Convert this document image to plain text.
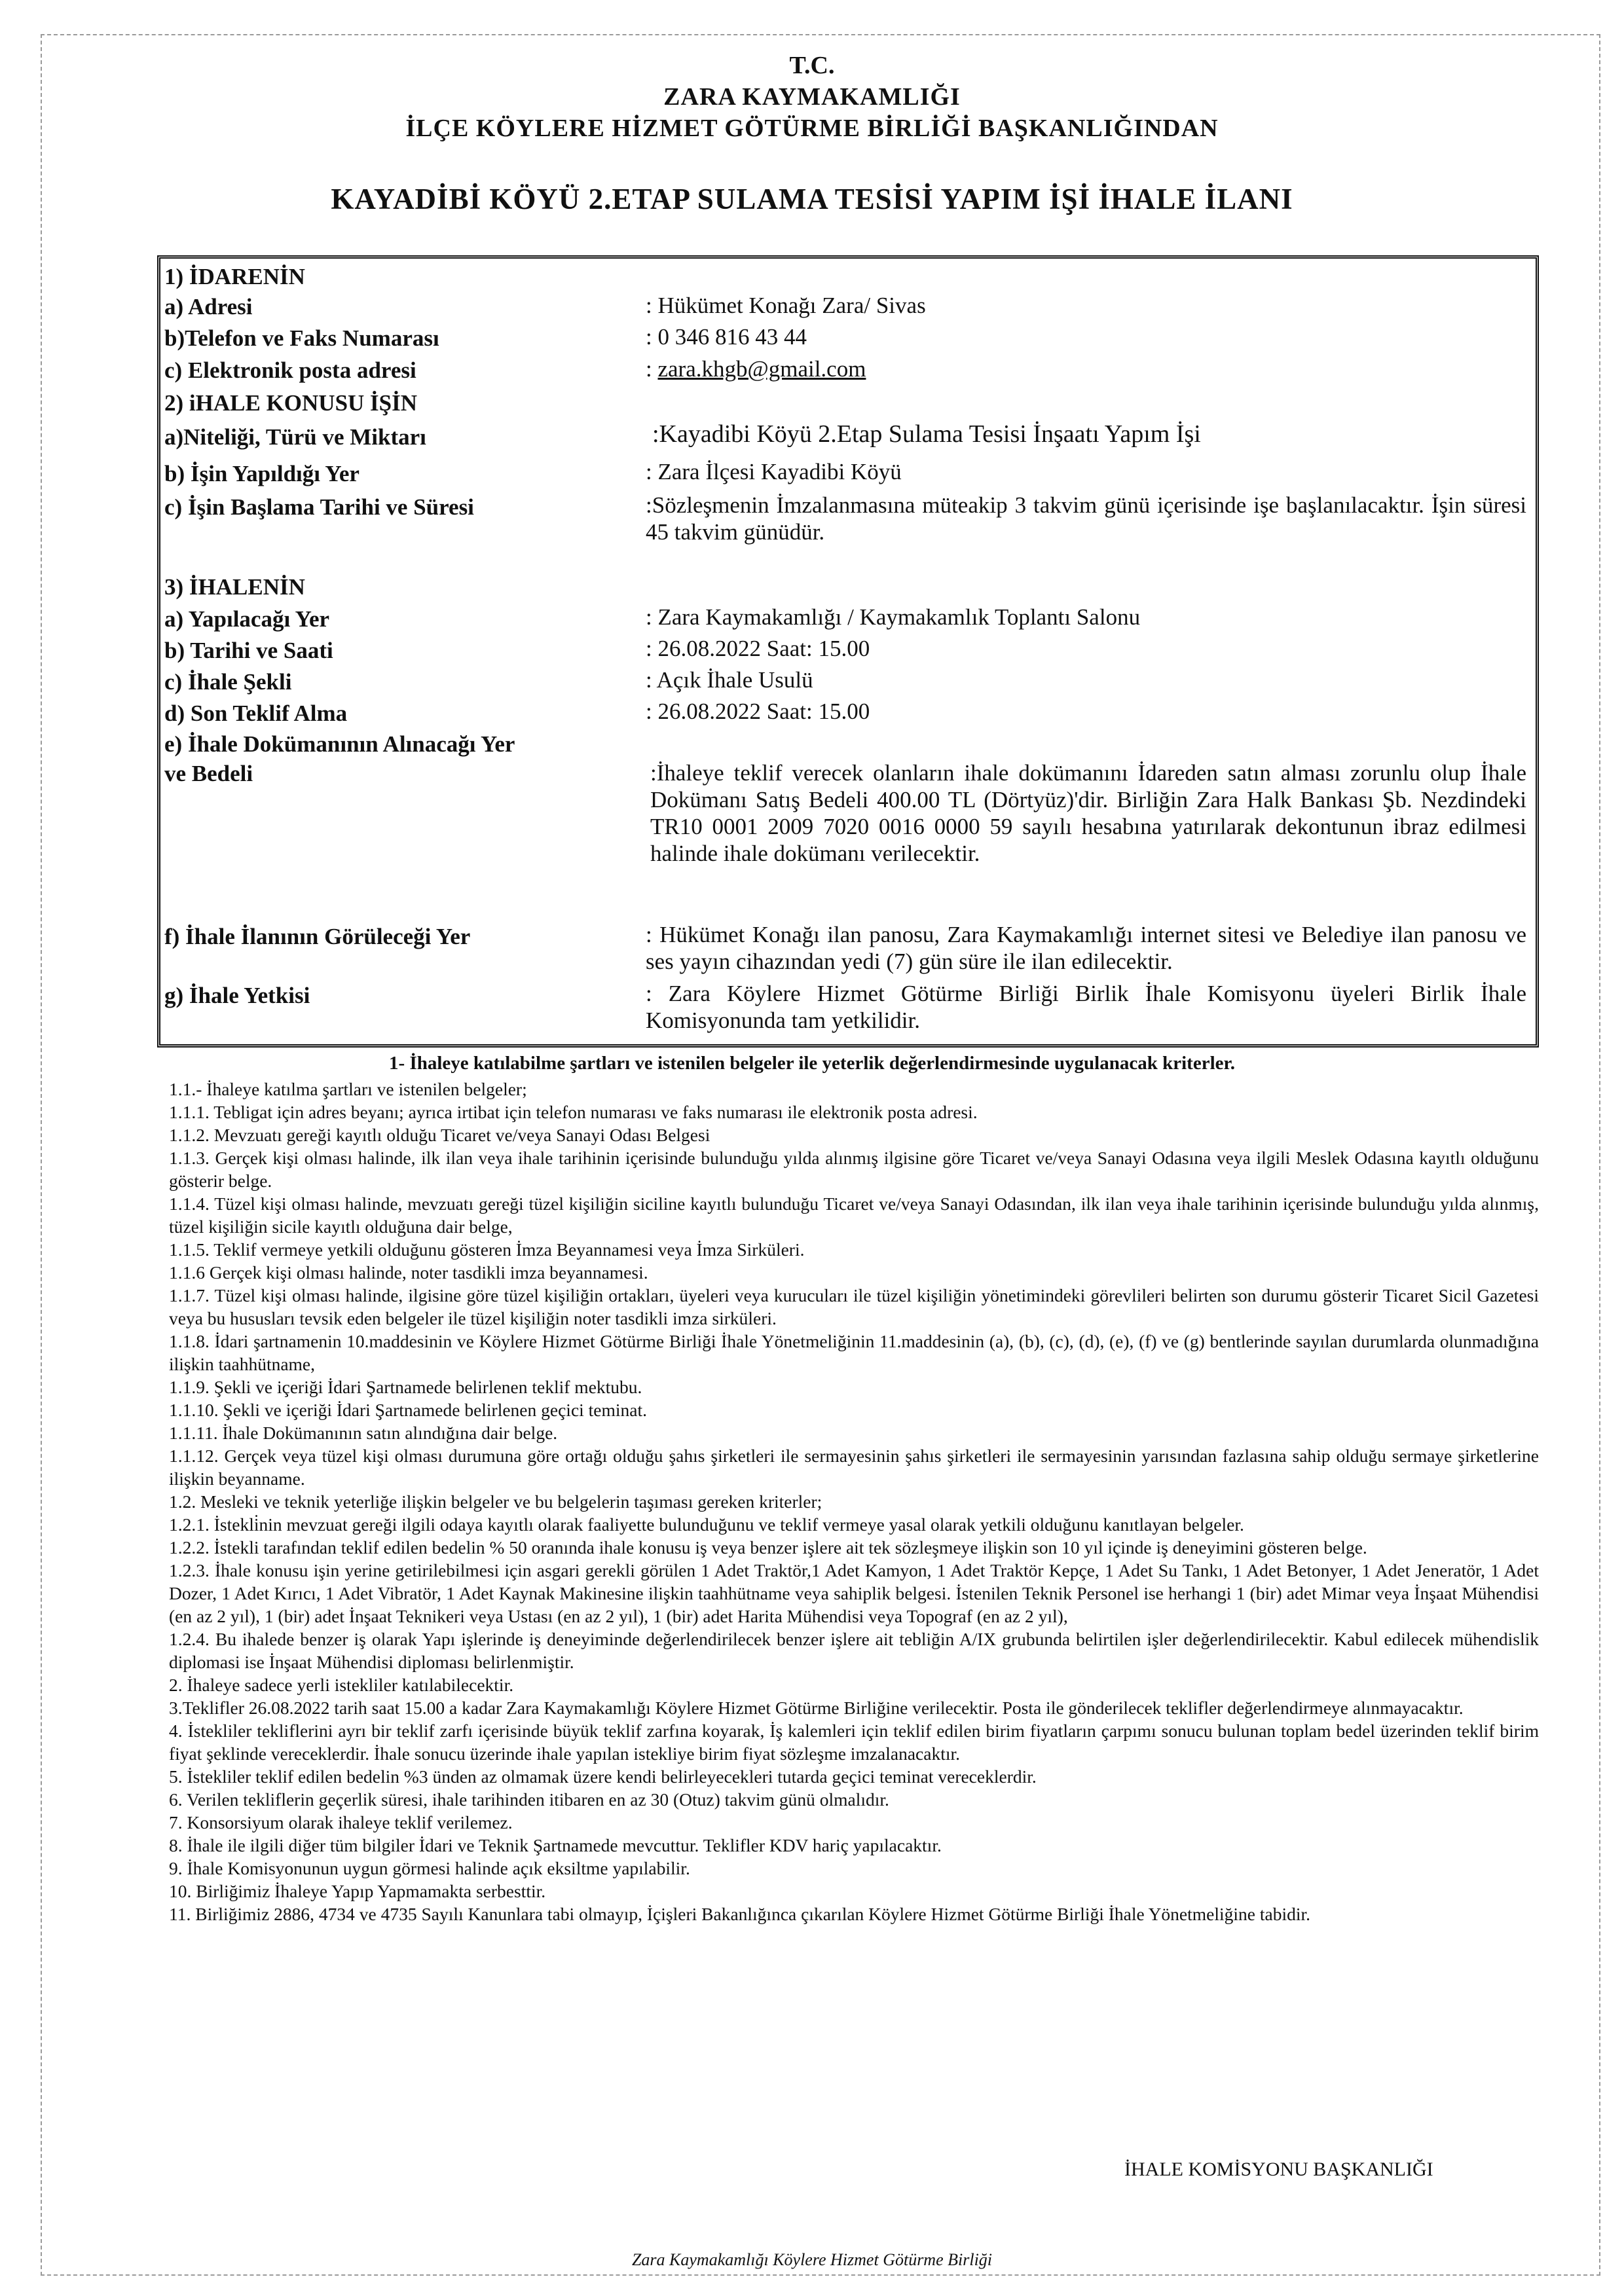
T.C.
ZARA KAYMAKAMLIĞI
İLÇE KÖYLERE HİZMET GÖTÜRME BİRLİĞİ BAŞKANLIĞINDAN
KAYADİBİ KÖYÜ 2.ETAP SULAMA TESİSİ YAPIM İŞİ İHALE İLANI
1) İDARENİN
a) Adresi	: Hükümet Konağı Zara/ Sivas
b)Telefon ve Faks Numarası	: 0 346 816 43 44
c) Elektronik posta adresi	: zara.khgb@gmail.com
2) iHALE KONUSU İŞİN
a)Niteliği, Türü ve Miktarı	:Kayadibi Köyü 2.Etap Sulama Tesisi İnşaatı Yapım İşi
b) İşin Yapıldığı Yer	: Zara İlçesi Kayadibi Köyü
c) İşin Başlama Tarihi ve Süresi	:Sözleşmenin İmzalanmasına müteakip 3 takvim günü içerisinde işe başlanılacaktır. İşin süresi 45 takvim günüdür.
3) İHALENİN
a) Yapılacağı Yer	: Zara Kaymakamlığı / Kaymakamlık Toplantı Salonu
b) Tarihi ve Saati	: 26.08.2022 Saat: 15.00
c) İhale Şekli	: Açık İhale Usulü
d) Son Teklif Alma	: 26.08.2022 Saat: 15.00
e) İhale Dokümanının Alınacağı Yer
ve Bedeli	:İhaleye teklif verecek olanların ihale dokümanını İdareden satın alması zorunlu olup İhale Dokümanı Satış Bedeli 400.00 TL (Dörtyüz)'dir. Birliğin Zara Halk Bankası Şb. Nezdindeki TR10 0001 2009 7020 0016 0000 59 sayılı hesabına yatırılarak dekontunun ibraz edilmesi halinde ihale dokümanı verilecektir.
f) İhale İlanının Görüleceği Yer	: Hükümet Konağı ilan panosu, Zara Kaymakamlığı internet sitesi ve Belediye ilan panosu ve ses yayın cihazından yedi (7) gün süre ile ilan edilecektir.
g) İhale Yetkisi	: Zara Köylere Hizmet Götürme Birliği Birlik İhale Komisyonu üyeleri Birlik İhale Komisyonunda tam yetkilidir.
1- İhaleye katılabilme şartları ve istenilen belgeler ile yeterlik değerlendirmesinde uygulanacak kriterler.

1.1.- İhaleye katılma şartları ve istenilen belgeler;

1.1.1. Tebligat için adres beyanı; ayrıca irtibat için telefon numarası ve faks numarası ile elektronik posta adresi.

1.1.2. Mevzuatı gereği kayıtlı olduğu Ticaret ve/veya Sanayi Odası Belgesi

1.1.3. Gerçek kişi olması halinde, ilk ilan veya ihale tarihinin içerisinde bulunduğu yılda alınmış ilgisine göre Ticaret ve/veya Sanayi Odasına veya ilgili Meslek Odasına kayıtlı olduğunu gösterir belge.

1.1.4. Tüzel kişi olması halinde, mevzuatı gereği tüzel kişiliğin siciline kayıtlı bulunduğu Ticaret ve/veya Sanayi Odasından, ilk ilan veya ihale tarihinin içerisinde bulunduğu yılda alınmış, tüzel kişiliğin sicile kayıtlı olduğuna dair belge,

1.1.5. Teklif vermeye yetkili olduğunu gösteren İmza Beyannamesi veya İmza Sirküleri.

1.1.6 Gerçek kişi olması halinde, noter tasdikli imza beyannamesi.

1.1.7. Tüzel kişi olması halinde, ilgisine göre tüzel kişiliğin ortakları, üyeleri veya kurucuları ile tüzel kişiliğin yönetimindeki görevlileri belirten son durumu gösterir Ticaret Sicil Gazetesi veya bu hususları tevsik eden belgeler ile tüzel kişiliğin noter tasdikli imza sirküleri.

1.1.8. İdari şartnamenin 10.maddesinin ve Köylere Hizmet Götürme Birliği İhale Yönetmeliğinin 11.maddesinin (a), (b), (c), (d), (e), (f) ve (g) bentlerinde sayılan durumlarda olunmadığına ilişkin taahhütname,

1.1.9. Şekli ve içeriği İdari Şartnamede belirlenen teklif mektubu.

1.1.10. Şekli ve içeriği İdari Şartnamede belirlenen geçici teminat.

1.1.11. İhale Dokümanının satın alındığına dair belge.

1.1.12. Gerçek veya tüzel kişi olması durumuna göre ortağı olduğu şahıs şirketleri ile sermayesinin şahıs şirketleri ile sermayesinin yarısından fazlasına sahip olduğu sermaye şirketlerine ilişkin beyanname.

1.2. Mesleki ve teknik yeterliğe ilişkin belgeler ve bu belgelerin taşıması gereken kriterler;

1.2.1. İstekli̇nin mevzuat gereği ilgili odaya kayıtlı olarak faaliyette bulunduğunu ve teklif vermeye yasal olarak yetkili olduğunu kanıtlayan belgeler.

1.2.2. İstekli tarafından teklif edilen bedelin % 50 oranında ihale konusu iş veya benzer işlere ait tek sözleşmeye ilişkin son 10 yıl içinde iş deneyimini gösteren belge.

1.2.3. İhale konusu işin yerine getirilebilmesi için asgari gerekli görülen 1 Adet Traktör,1 Adet Kamyon, 1 Adet Traktör Kepçe, 1 Adet Su Tankı, 1 Adet Betonyer, 1 Adet Jeneratör, 1 Adet Dozer, 1 Adet Kırıcı, 1 Adet Vibratör, 1 Adet Kaynak Makinesine ilişkin taahhütname veya sahiplik belgesi. İstenilen Teknik Personel ise herhangi 1 (bir) adet Mimar veya İnşaat Mühendisi (en az 2 yıl), 1 (bir) adet İnşaat Teknikeri veya Ustası (en az 2 yıl), 1 (bir) adet Harita Mühendisi veya Topograf (en az 2 yıl),

1.2.4. Bu ihalede benzer iş olarak Yapı işlerinde iş deneyiminde değerlendirilecek benzer işlere ait tebliğin A/IX grubunda belirtilen işler değerlendirilecektir. Kabul edilecek mühendislik diplomasi ise İnşaat Mühendisi diploması belirlenmiştir.

2. İhaleye sadece yerli istekliler katılabilecektir.

3.Teklifler 26.08.2022 tarih saat 15.00 a kadar Zara Kaymakamlığı Köylere Hizmet Götürme Birliğine verilecektir. Posta ile gönderilecek teklifler değerlendirmeye alınmayacaktır.

4. İstekliler tekliflerini ayrı bir teklif zarfı içerisinde büyük teklif zarfına koyarak, İş kalemleri için teklif edilen birim fiyatların çarpımı sonucu bulunan toplam bedel üzerinden teklif birim fiyat şeklinde vereceklerdir. İhale sonucu üzerinde ihale yapılan istekliye birim fiyat sözleşme imzalanacaktır.

5. İstekliler teklif edilen bedelin %3 ünden az olmamak üzere kendi belirleyecekleri tutarda geçici teminat vereceklerdir.

6. Verilen tekliflerin geçerlik süresi, ihale tarihinden itibaren en az 30 (Otuz) takvim günü olmalıdır.

7. Konsorsiyum olarak ihaleye teklif verilemez.

8. İhale ile ilgili diğer tüm bilgiler İdari ve Teknik Şartnamede mevcuttur. Teklifler KDV hariç yapılacaktır.

9. İhale Komisyonunun uygun görmesi halinde açık eksiltme yapılabilir.

10. Birliğimiz İhaleye Yapıp Yapmamakta serbesttir.

11. Birliğimiz 2886, 4734 ve 4735 Sayılı Kanunlara tabi olmayıp, İçişleri Bakanlığınca çıkarılan Köylere Hizmet Götürme Birliği İhale Yönetmeliğine tabidir.

İHALE KOMİSYONU BAŞKANLIĞI
Zara Kaymakamlığı Köylere Hizmet Götürme Birliği
